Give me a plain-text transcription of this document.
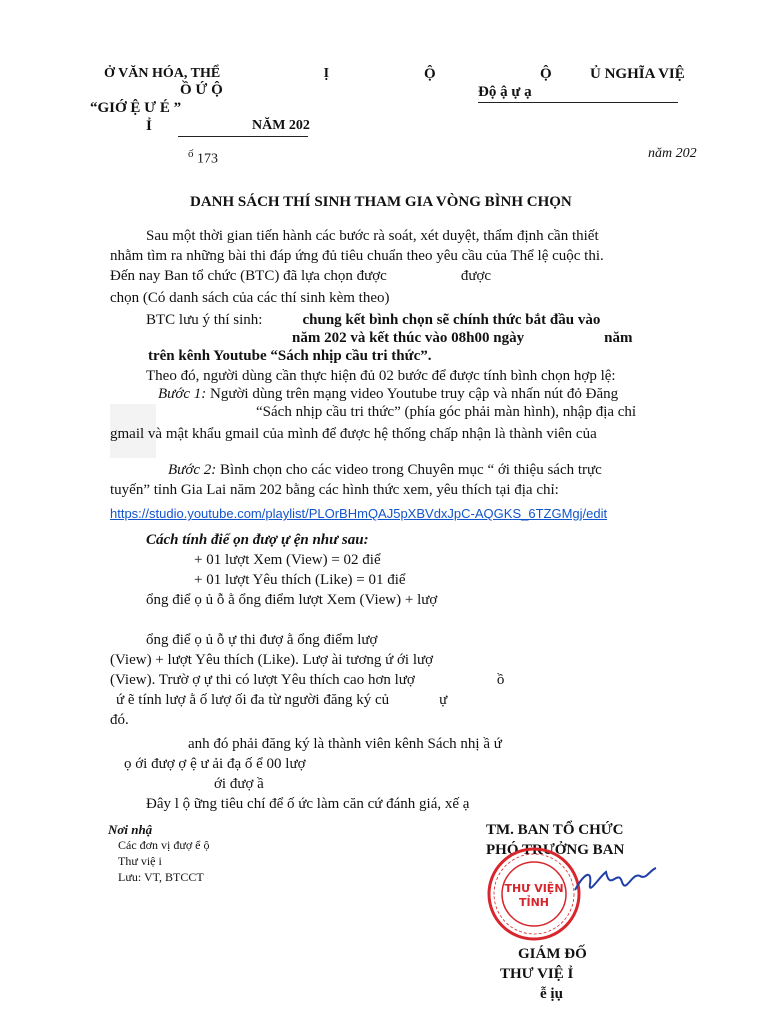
Ở VĂN HÓA, THỂ	Ị
Ồ Ứ Ộ
“GIỚ Ệ Ư É ”
Ỉ	NĂM 202
Ộ	Ộ	Ủ NGHĨA VIỆ
Độ ậ ự ạ
$^ố$ 173	năm 202
DANH SÁCH THÍ SINH THAM GIA VÒNG BÌNH CHỌN
Sau một thời gian tiến hành các bước rà soát, xét duyệt, thẩm định cần thiết
nhằm tìm ra những bài thi đáp ứng đủ tiêu chuẩn theo yêu cầu của Thể lệ cuộc thi.
Đến nay Ban tổ chức (BTC) đã lựa chọn được	được
chọn (Có danh sách của các thí sinh kèm theo)
BTC lưu ý thí sinh:	chung kết bình chọn sẽ chính thức bắt đầu vào
năm 202 và kết thúc vào 08h00 ngày	năm
trên kênh Youtube “Sách nhịp cầu tri thức”.
Theo đó, người dùng cần thực hiện đủ 02 bước để được tính bình chọn hợp lệ:
Bước 1: Người dùng trên mạng video Youtube truy cập và nhấn nút đỏ Đăng
“Sách nhịp cầu tri thức” (phía góc phải màn hình), nhập địa chỉ
gmail và mật khẩu gmail của mình để được hệ thống chấp nhận là thành viên của
Bước 2: Bình chọn cho các video trong Chuyên mục “ ới thiệu sách trực
tuyến” tỉnh Gia Lai năm 202 bằng các hình thức xem, yêu thích tại địa chỉ:
https://studio.youtube.com/playlist/PLOrBHmQAJ5pXBVdxJpC-AQGKS_6TZGMgj/edit
Cách tính điể ọn đượ ự ện như sau:
+ 01 lượt Xem (View) = 02 điể
+ 01 lượt Yêu thích (Like) = 01 điể
ổng điể ọ ủ ỗ ằ ổng điểm lượt Xem (View) + lượ
ổng điể ọ ủ ỗ ự thi đượ ằ ổng điểm lượ
(View) + lượt Yêu thích (Like). Lượ ài tương ứ ới lượ
(View). Trườ ợ ự thi có lượt Yêu thích cao hơn lượ	ồ
ứ ẽ tính lượ ằ ố lượ ối đa từ người đăng ký củ	ự
đó.
anh đó phải đăng ký là thành viên kênh Sách nhị ầ ứ
ọ ới đượ ợ ệ ư ải đạ ố ể 00 lượ
ới đượ ầ
Đây l ộ ững tiêu chí để ố ức làm căn cứ đánh giá, xế ạ
Nơi nhậ
Các đơn vị đượ ể ộ
Thư việ i
Lưu: VT, BTCCT
TM. BAN TỔ CHỨC
PHÓ TRƯỞNG BAN
THƯ VIỆN
TỈNH
GIÁM ĐỐ
THƯ VIỆ Ỉ
ễ ịụ
